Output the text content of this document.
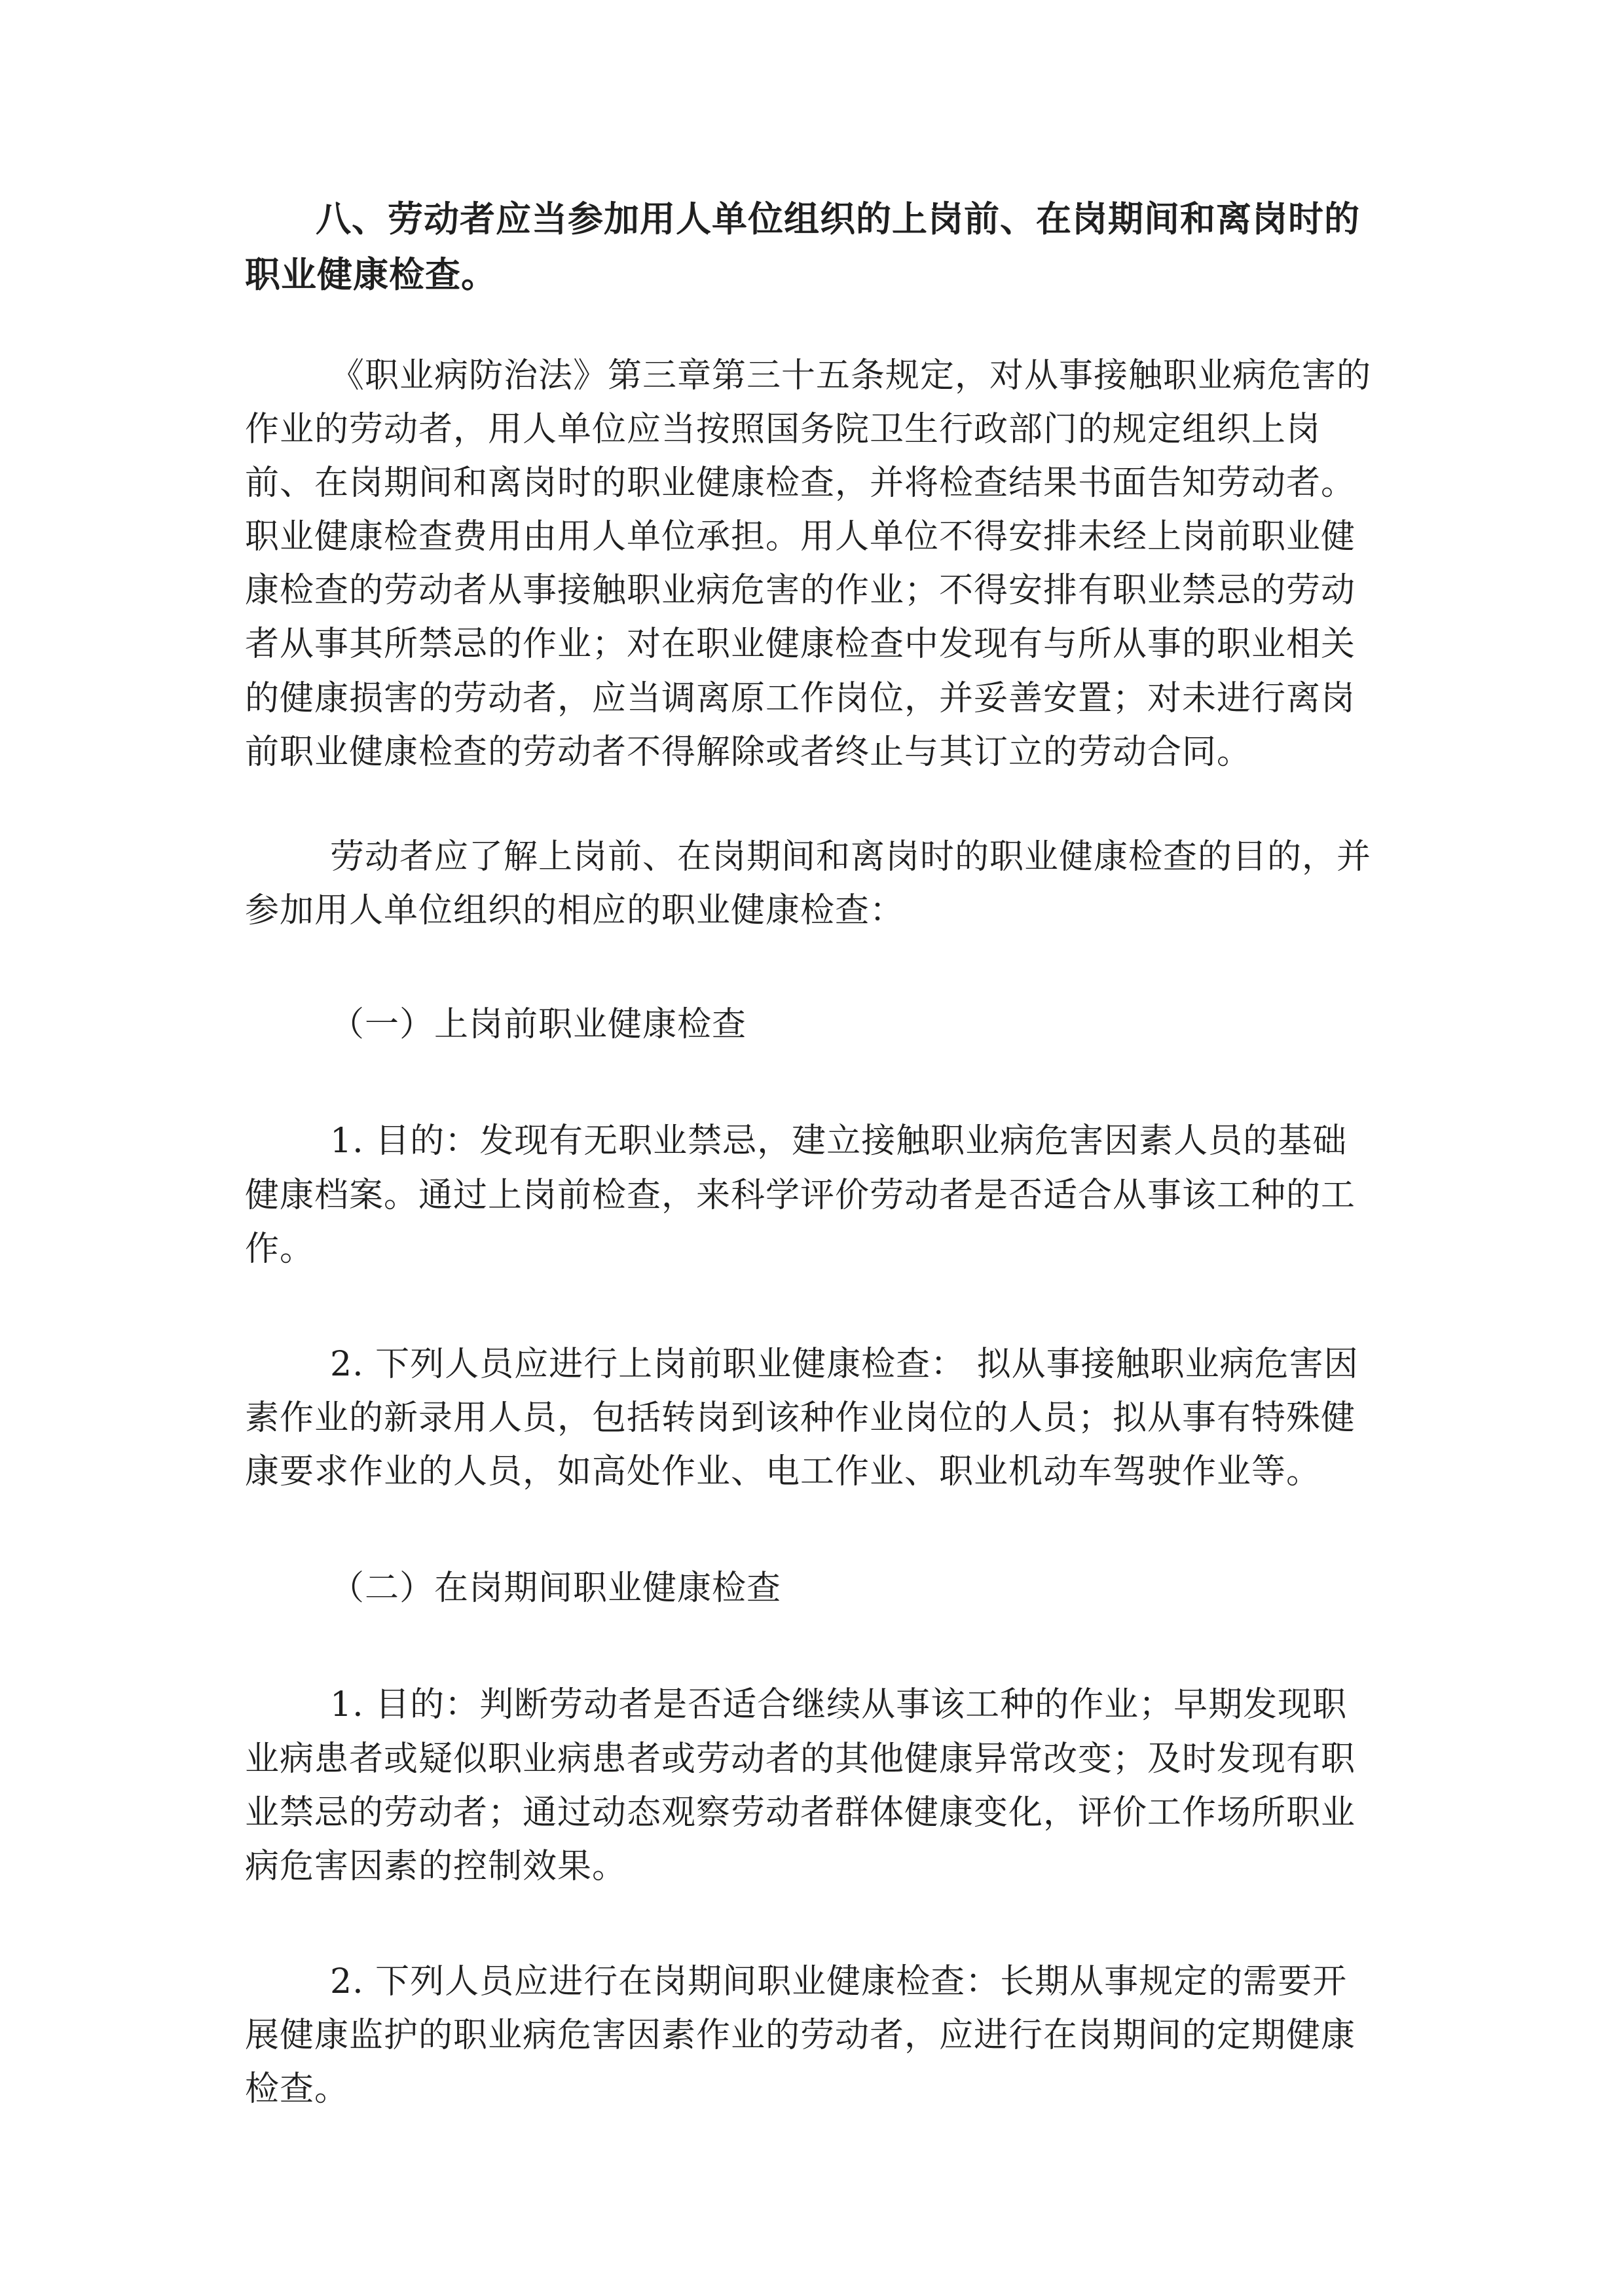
八、劳动者应当参加用人单位组织的上岗前、在岗期间和离岗时的职业健康检查。

《职业病防治法》第三章第三十五条规定，对从事接触职业病危害的作业的劳动者，用人单位应当按照国务院卫生行政部门的规定组织上岗前、在岗期间和离岗时的职业健康检查，并将检查结果书面告知劳动者。职业健康检查费用由用人单位承担。用人单位不得安排未经上岗前职业健康检查的劳动者从事接触职业病危害的作业；不得安排有职业禁忌的劳动者从事其所禁忌的作业；对在职业健康检查中发现有与所从事的职业相关的健康损害的劳动者，应当调离原工作岗位，并妥善安置；对未进行离岗前职业健康检查的劳动者不得解除或者终止与其订立的劳动合同。

劳动者应了解上岗前、在岗期间和离岗时的职业健康检查的目的，并参加用人单位组织的相应的职业健康检查：

（一）上岗前职业健康检查

1. 目的：发现有无职业禁忌，建立接触职业病危害因素人员的基础健康档案。通过上岗前检查，来科学评价劳动者是否适合从事该工种的工作。

2. 下列人员应进行上岗前职业健康检查： 拟从事接触职业病危害因素作业的新录用人员，包括转岗到该种作业岗位的人员；拟从事有特殊健康要求作业的人员，如高处作业、电工作业、职业机动车驾驶作业等。

（二）在岗期间职业健康检查

1. 目的：判断劳动者是否适合继续从事该工种的作业；早期发现职业病患者或疑似职业病患者或劳动者的其他健康异常改变；及时发现有职业禁忌的劳动者；通过动态观察劳动者群体健康变化，评价工作场所职业病危害因素的控制效果。

2. 下列人员应进行在岗期间职业健康检查：长期从事规定的需要开展健康监护的职业病危害因素作业的劳动者，应进行在岗期间的定期健康检查。
